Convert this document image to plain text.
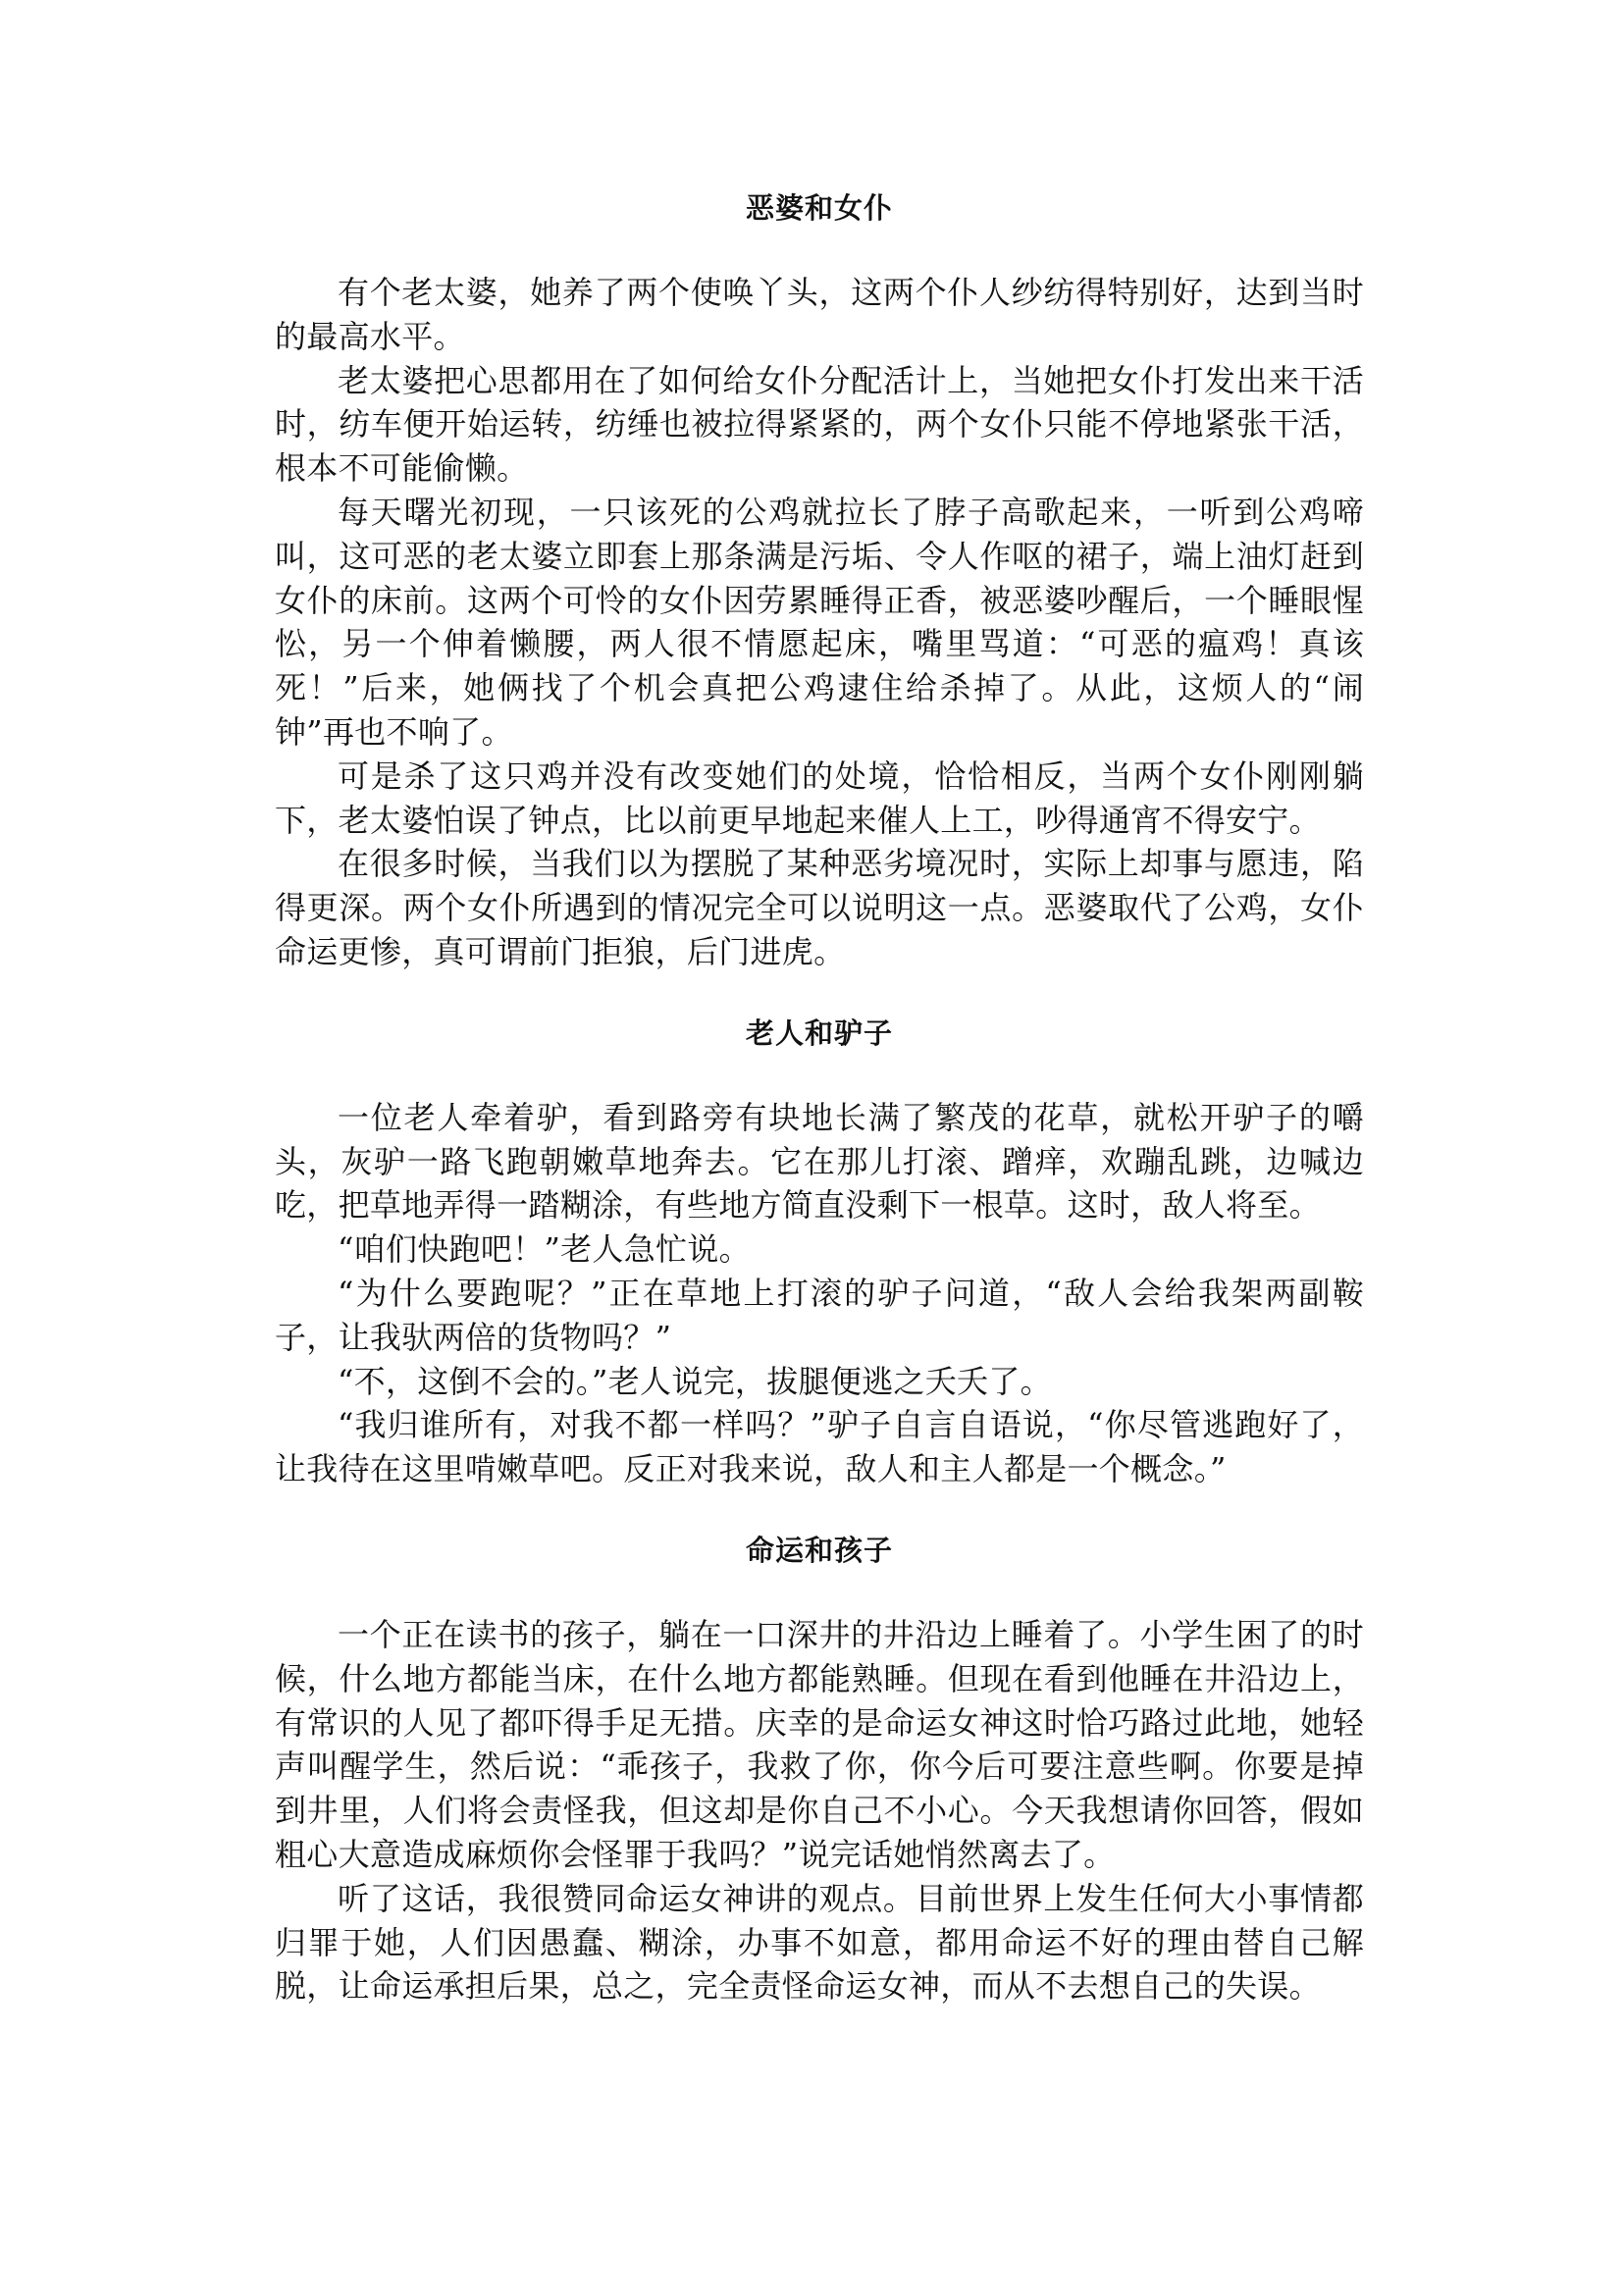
恶婆和女仆

有个老太婆，她养了两个使唤丫头，这两个仆人纱纺得特别好，达到当时的最高水平。

老太婆把心思都用在了如何给女仆分配活计上，当她把女仆打发出来干活时，纺车便开始运转，纺缍也被拉得紧紧的，两个女仆只能不停地紧张干活，根本不可能偷懒。

每天曙光初现，一只该死的公鸡就拉长了脖子高歌起来，一听到公鸡啼叫，这可恶的老太婆立即套上那条满是污垢、令人作呕的裙子，端上油灯赶到女仆的床前。这两个可怜的女仆因劳累睡得正香，被恶婆吵醒后，一个睡眼惺忪，另一个伸着懒腰，两人很不情愿起床，嘴里骂道：“可恶的瘟鸡！真该死！”后来，她俩找了个机会真把公鸡逮住给杀掉了。从此，这烦人的“闹钟”再也不响了。

可是杀了这只鸡并没有改变她们的处境，恰恰相反，当两个女仆刚刚躺下，老太婆怕误了钟点，比以前更早地起来催人上工，吵得通宵不得安宁。

在很多时候，当我们以为摆脱了某种恶劣境况时，实际上却事与愿违，陷得更深。两个女仆所遇到的情况完全可以说明这一点。恶婆取代了公鸡，女仆命运更惨，真可谓前门拒狼，后门进虎。

老人和驴子

一位老人牵着驴，看到路旁有块地长满了繁茂的花草，就松开驴子的嚼头，灰驴一路飞跑朝嫩草地奔去。它在那儿打滚、蹭痒，欢蹦乱跳，边喊边吃，把草地弄得一踏糊涂，有些地方简直没剩下一根草。这时，敌人将至。

“咱们快跑吧！”老人急忙说。

“为什么要跑呢？”正在草地上打滚的驴子问道，“敌人会给我架两副鞍子，让我驮两倍的货物吗？”

“不，这倒不会的。”老人说完，拔腿便逃之夭夭了。

“我归谁所有，对我不都一样吗？”驴子自言自语说，“你尽管逃跑好了，让我待在这里啃嫩草吧。反正对我来说，敌人和主人都是一个概念。”

命运和孩子

一个正在读书的孩子，躺在一口深井的井沿边上睡着了。小学生困了的时候，什么地方都能当床，在什么地方都能熟睡。但现在看到他睡在井沿边上，有常识的人见了都吓得手足无措。庆幸的是命运女神这时恰巧路过此地，她轻声叫醒学生，然后说：“乖孩子，我救了你，你今后可要注意些啊。你要是掉到井里，人们将会责怪我，但这却是你自己不小心。今天我想请你回答，假如粗心大意造成麻烦你会怪罪于我吗？”说完话她悄然离去了。

听了这话，我很赞同命运女神讲的观点。目前世界上发生任何大小事情都归罪于她，人们因愚蠢、糊涂，办事不如意，都用命运不好的理由替自己解脱，让命运承担后果，总之，完全责怪命运女神，而从不去想自己的失误。
